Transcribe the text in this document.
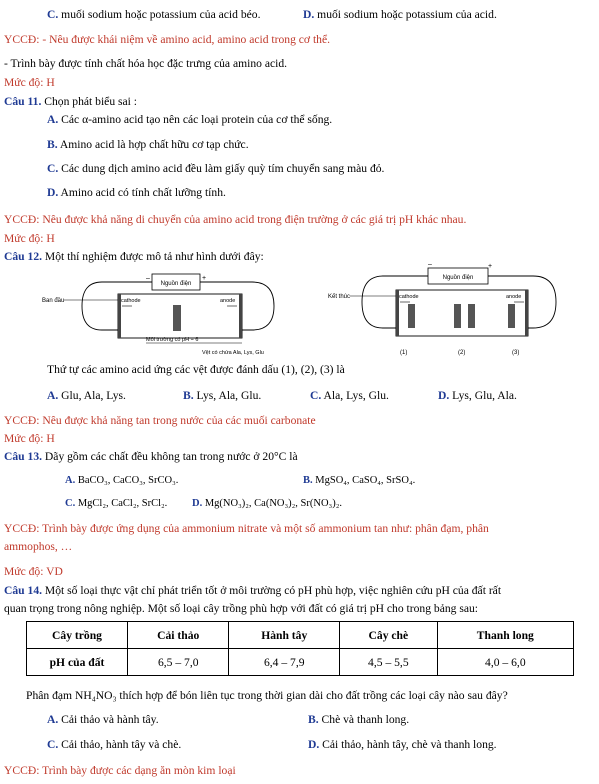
C. muối sodium hoặc potassium của acid béo.	D. muối sodium hoặc potassium của acid.
YCCĐ: - Nêu được khái niệm về amino acid, amino acid trong cơ thể.
- Trình bày được tính chất hóa học đặc trưng của amino acid.
Mức độ: H
Câu 11. Chọn phát biểu sai :
A. Các α-amino acid tạo nên các loại protein của cơ thể sống.
B. Amino acid là hợp chất hữu cơ tạp chức.
C. Các dung dịch amino acid đều làm giấy quỳ tím chuyển sang màu đỏ.
D. Amino acid có tính chất lưỡng tính.
YCCĐ: Nêu được khả năng di chuyển của amino acid trong điện trường ở các giá trị pH khác nhau.
Mức độ: H
Câu 12. Một thí nghiệm được mô tả như hình dưới đây:
Nguồn điện
–	+
Ban đầu	cathode	anode
Môi trường có pH = 6
Vệt có chứa Ala, Lys, Glu
Nguồn điện
–	+
Kết thúc	cathode	anode
(1)	(2)	(3)
Thứ tự các amino acid ứng các vệt được đánh dấu (1), (2), (3) là
A. Glu, Ala, Lys.	B. Lys, Ala, Glu.	C. Ala, Lys, Glu.	D. Lys, Glu, Ala.
YCCĐ: Nêu được khả năng tan trong nước của các muối carbonate
Mức độ: H
Câu 13. Dãy gồm các chất đều không tan trong nước ở 20°C là
A. BaCO₃, CaCO₃, SrCO₃.	B. MgSO₄, CaSO₄, SrSO₄.
C. MgCl₂, CaCl₂, SrCl₂. D. Mg(NO₃)₂, Ca(NO₃)₂, Sr(NO₃)₂.
YCCĐ: Trình bày được ứng dụng của ammonium nitrate và một số ammonium tan như: phân đạm, phân
ammophos, …
Mức độ: VD
Câu 14. Một số loại thực vật chỉ phát triển tốt ở môi trường có pH phù hợp, việc nghiên cứu pH của đất rất
quan trọng trong nông nghiệp. Một số loại cây trồng phù hợp với đất có giá trị pH cho trong bảng sau:
Cây trồng	Cải thảo	Hành tây	Cây chè	Thanh long
pH của đất	6,5 – 7,0	6,4 – 7,9	4,5 – 5,5	4,0 – 6,0
Phân đạm NH₄NO₃ thích hợp để bón liên tục trong thời gian dài cho đất trồng các loại cây nào sau đây?
A. Cải thảo và hành tây.	B. Chè và thanh long.
C. Cải thảo, hành tây và chè.	D. Cải thảo, hành tây, chè và thanh long.
YCCĐ: Trình bày được các dạng ăn mòn kim loại
